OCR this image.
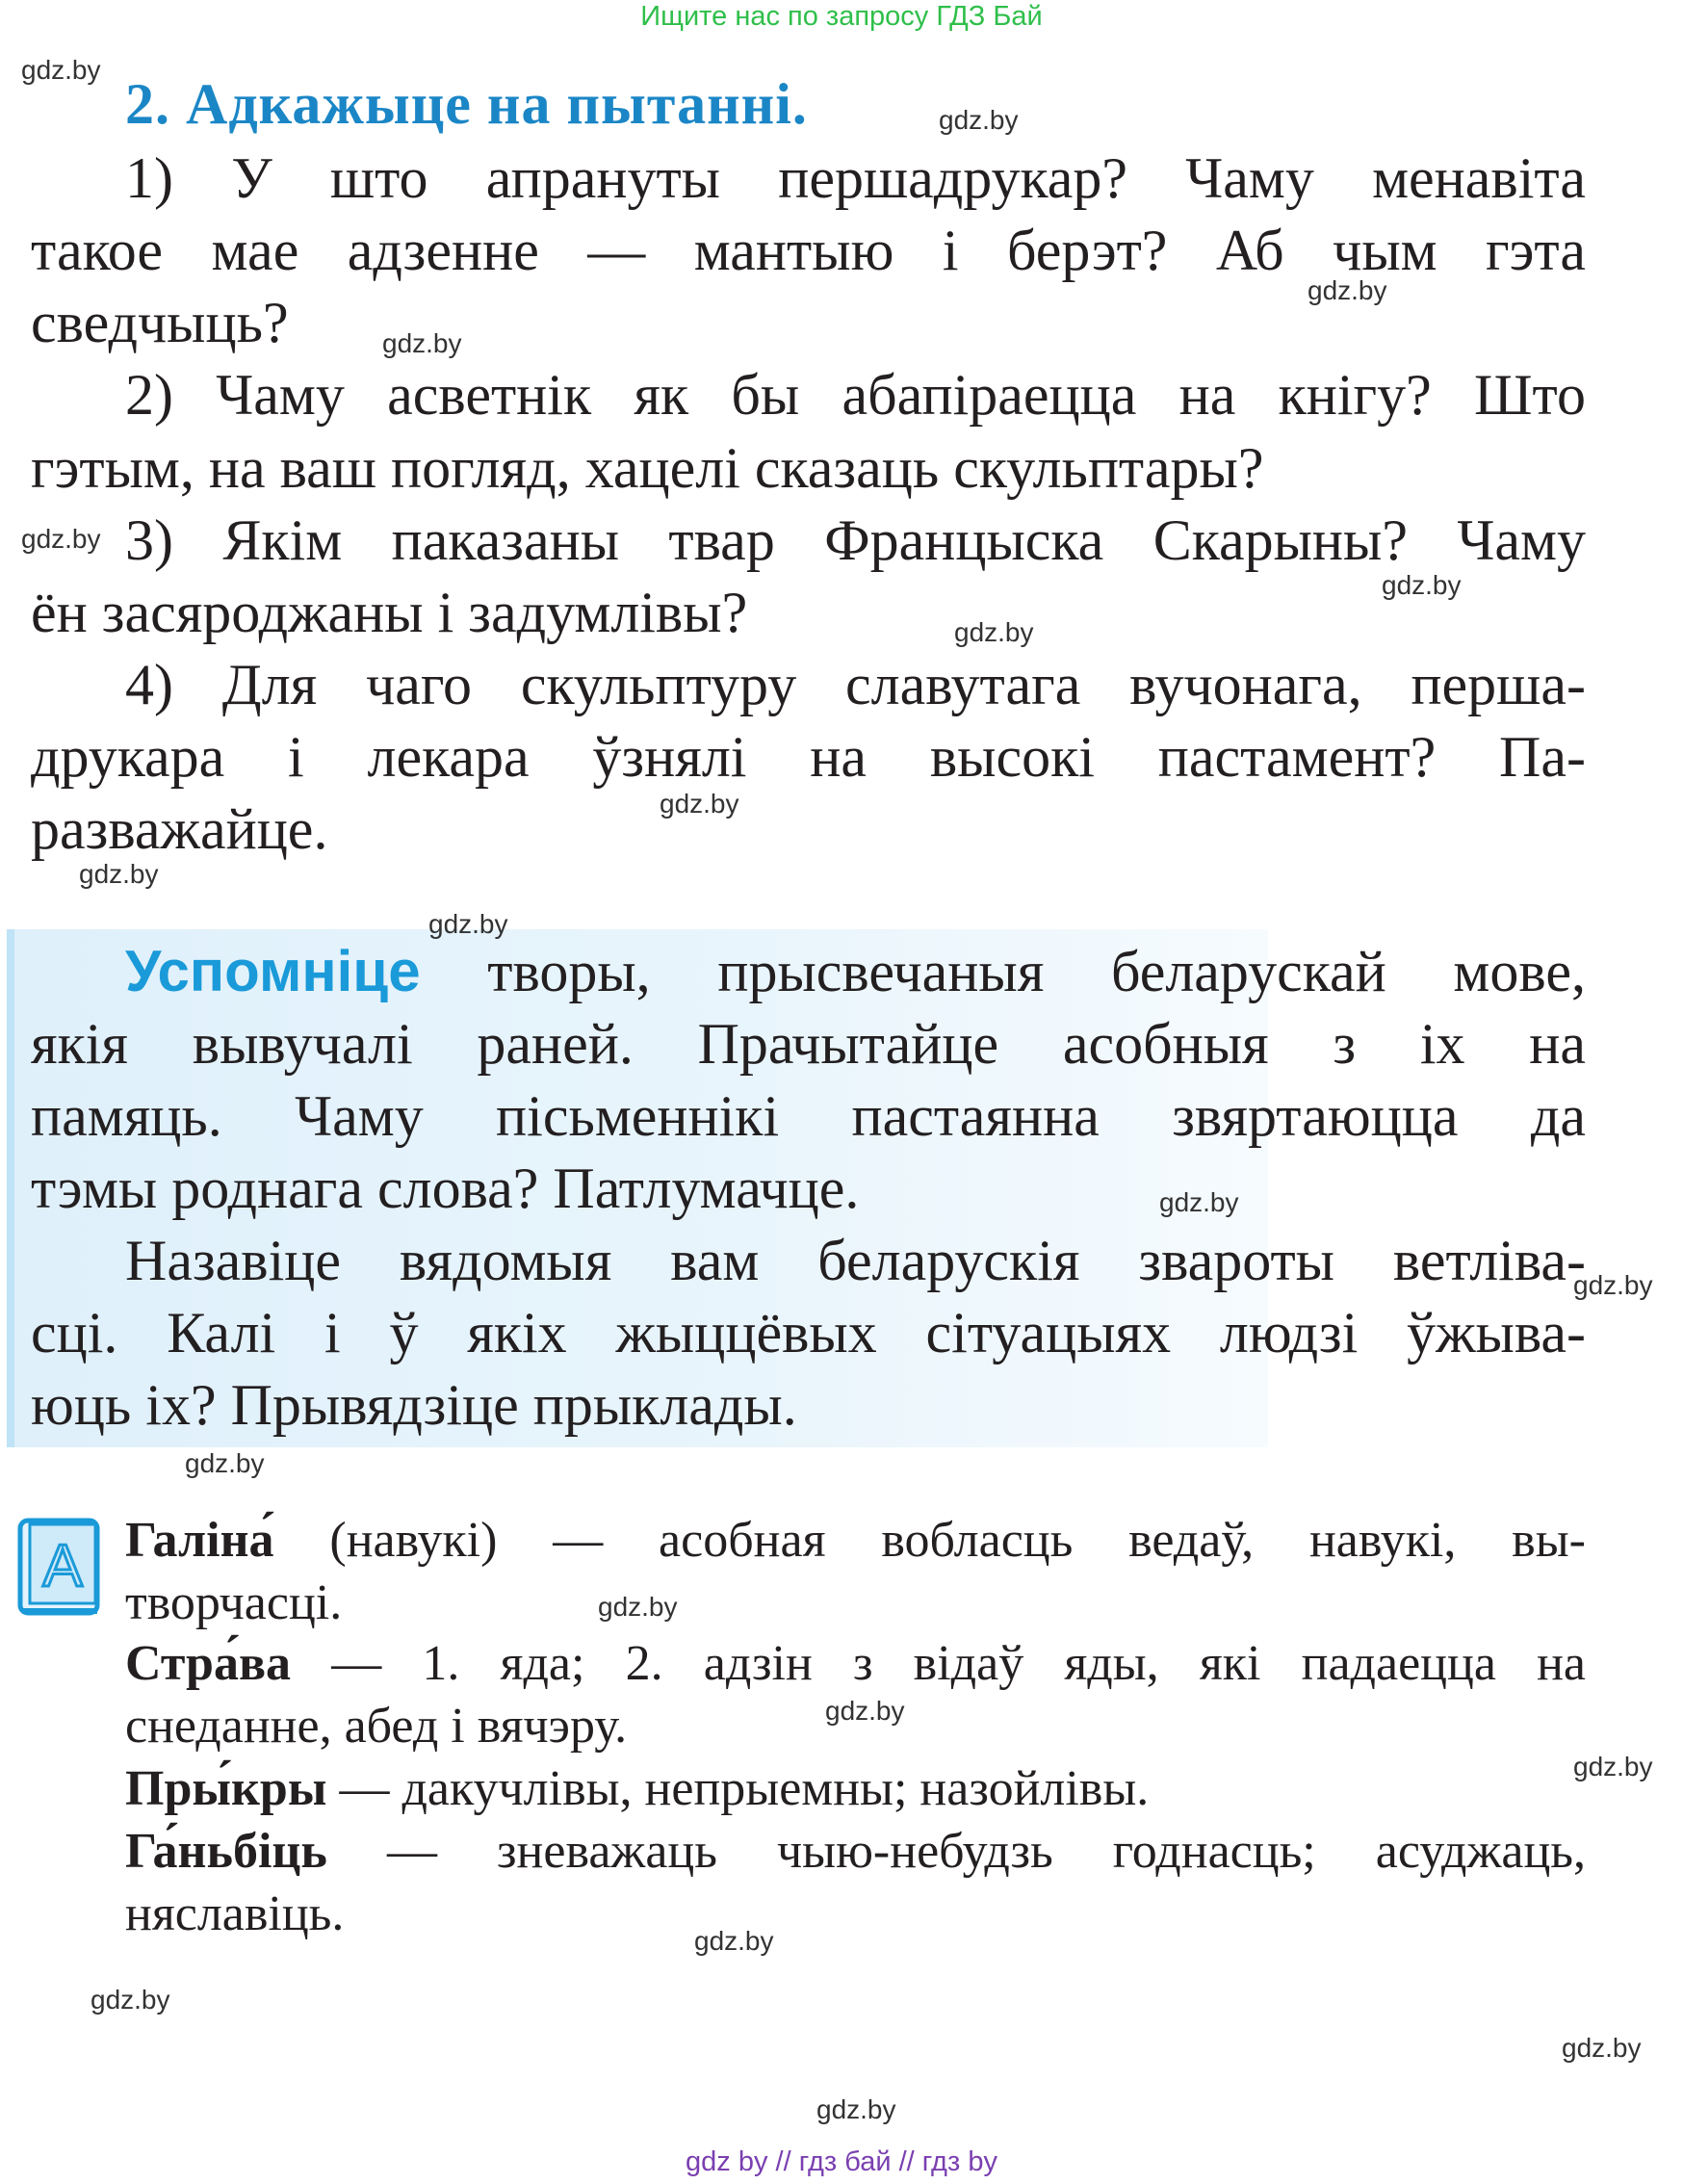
Ищите нас по запросу ГДЗ Бай
2. Адкажыце на пытанні.
1) У што апрануты першадрукар? Чаму менавіта
такое мае адзенне — мантыю і берэт? Аб чым гэта
сведчыць?
2) Чаму асветнік як бы абапіраецца на кнігу? Што
гэтым, на ваш погляд, хацелі сказаць скульптары?
3) Якім паказаны твар Францыска Скарыны? Чаму
ён засяроджаны і задумлівы?
4) Для чаго скульптуру славутага вучонага, перша-
друкара і лекара ўзнялі на высокі пастамент? Па-
разважайце.
Успомніце творы, прысвечаныя беларускай мове,
якія вывучалі раней. Прачытайце асобныя з іх на
памяць. Чаму пісьменнікі пастаянна звяртаюцца да
тэмы роднага слова? Патлумачце.
Назавіце вядомыя вам беларускія звароты ветліва-
сці. Калі і ў якіх жыццёвых сітуацыях людзі ўжыва-
юць іх? Прывядзіце прыклады.
A Галіна́ (навукі) — асобная вобласць ведаў, навукі, вы-
творчасці.
Стра́ва — 1. яда; 2. адзін з відаў яды, які падаецца на
снеданне, абед і вячэру.
Пры́кры — дакучлівы, непрыемны; назойлівы.
Га́ньбіць — зневажаць чыю-небудзь годнасць; асуджаць,
няславіць.
gdz.by
gdz.by
gdz.by
gdz.by
gdz.by
gdz.by
gdz.by
gdz.by
gdz.by
gdz.by
gdz.by
gdz.by
gdz.by
gdz.by
gdz.by
gdz.by
gdz.by
gdz.by
gdz.by
gdz.by
gdz by // гдз бай // гдз by
